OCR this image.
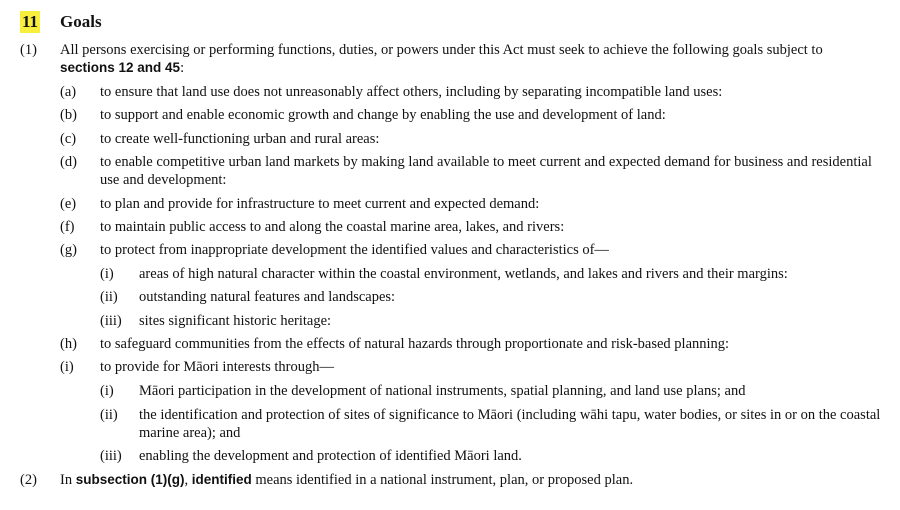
11 Goals
(1) All persons exercising or performing functions, duties, or powers under this Act must seek to achieve the following goals subject to sections 12 and 45:
(a) to ensure that land use does not unreasonably affect others, including by separating incompatible land uses:
(b) to support and enable economic growth and change by enabling the use and development of land:
(c) to create well-functioning urban and rural areas:
(d) to enable competitive urban land markets by making land available to meet current and expected demand for business and residential use and development:
(e) to plan and provide for infrastructure to meet current and expected demand:
(f) to maintain public access to and along the coastal marine area, lakes, and rivers:
(g) to protect from inappropriate development the identified values and characteristics of—
(i) areas of high natural character within the coastal environment, wetlands, and lakes and rivers and their margins:
(ii) outstanding natural features and landscapes:
(iii) sites significant historic heritage:
(h) to safeguard communities from the effects of natural hazards through proportionate and risk-based planning:
(i) to provide for Māori interests through—
(i) Māori participation in the development of national instruments, spatial planning, and land use plans; and
(ii) the identification and protection of sites of significance to Māori (including wāhi tapu, water bodies, or sites in or on the coastal marine area); and
(iii) enabling the development and protection of identified Māori land.
(2) In subsection (1)(g), identified means identified in a national instrument, plan, or proposed plan.
